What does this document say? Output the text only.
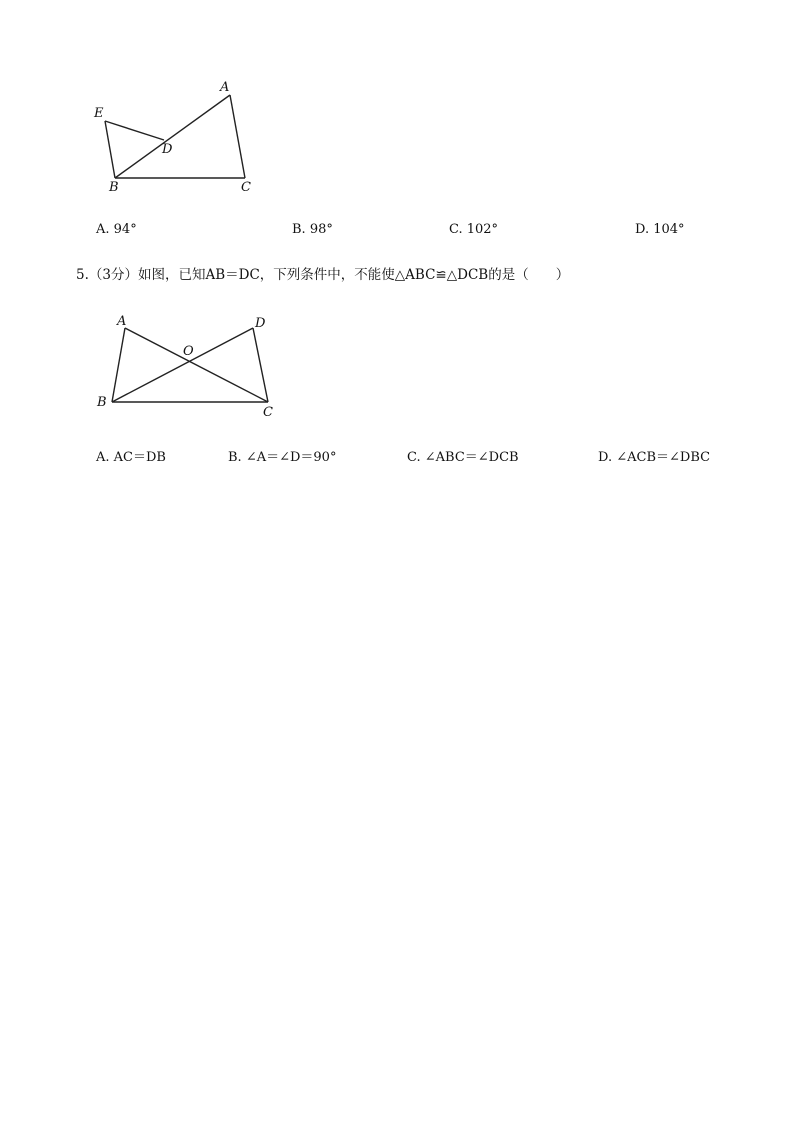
E
A
D
B	C
A. 94°	B. 98°	C. 102°	D. 104°
5.（3分）如图，已知AB＝DC，下列条件中，不能使△ABC≌△DCB的是（　　）
A	D
O
B
C
A. AC＝DB	B. ∠A＝∠D＝90°	C. ∠ABC＝∠DCB	D. ∠ACB＝∠DBC
